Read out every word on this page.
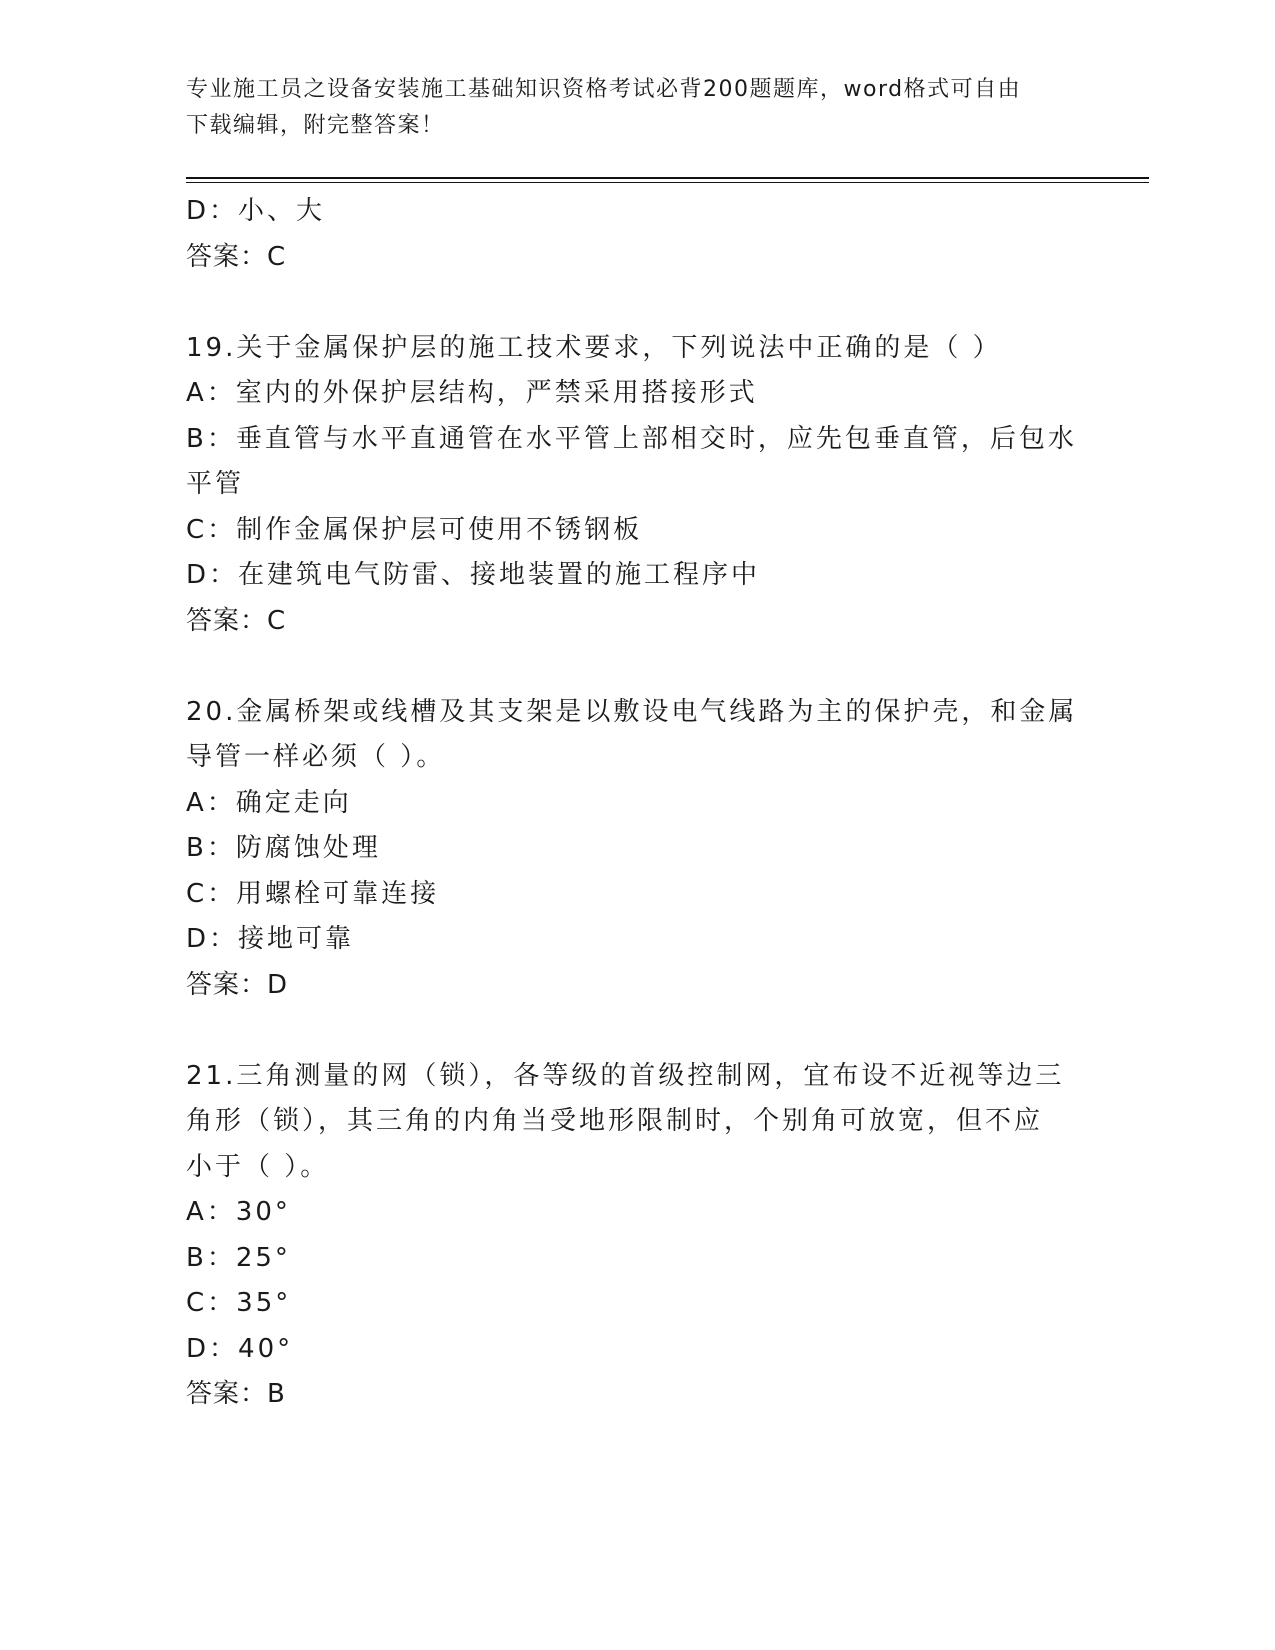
专业施工员之设备安装施工基础知识资格考试必背200题题库，word格式可自由
下载编辑，附完整答案！
D：小、大
答案：C
19.关于金属保护层的施工技术要求，下列说法中正确的是（ ）
A：室内的外保护层结构，严禁采用搭接形式
B：垂直管与水平直通管在水平管上部相交时，应先包垂直管，后包水
平管
C：制作金属保护层可使用不锈钢板
D：在建筑电气防雷、接地装置的施工程序中
答案：C
20.金属桥架或线槽及其支架是以敷设电气线路为主的保护壳，和金属
导管一样必须（ ）。
A：确定走向
B：防腐蚀处理
C：用螺栓可靠连接
D：接地可靠
答案：D
21.三角测量的网（锁），各等级的首级控制网，宜布设不近视等边三
角形（锁），其三角的内角当受地形限制时，个别角可放宽，但不应
小于（ ）。
A：30°
B：25°
C：35°
D：40°
答案：B
